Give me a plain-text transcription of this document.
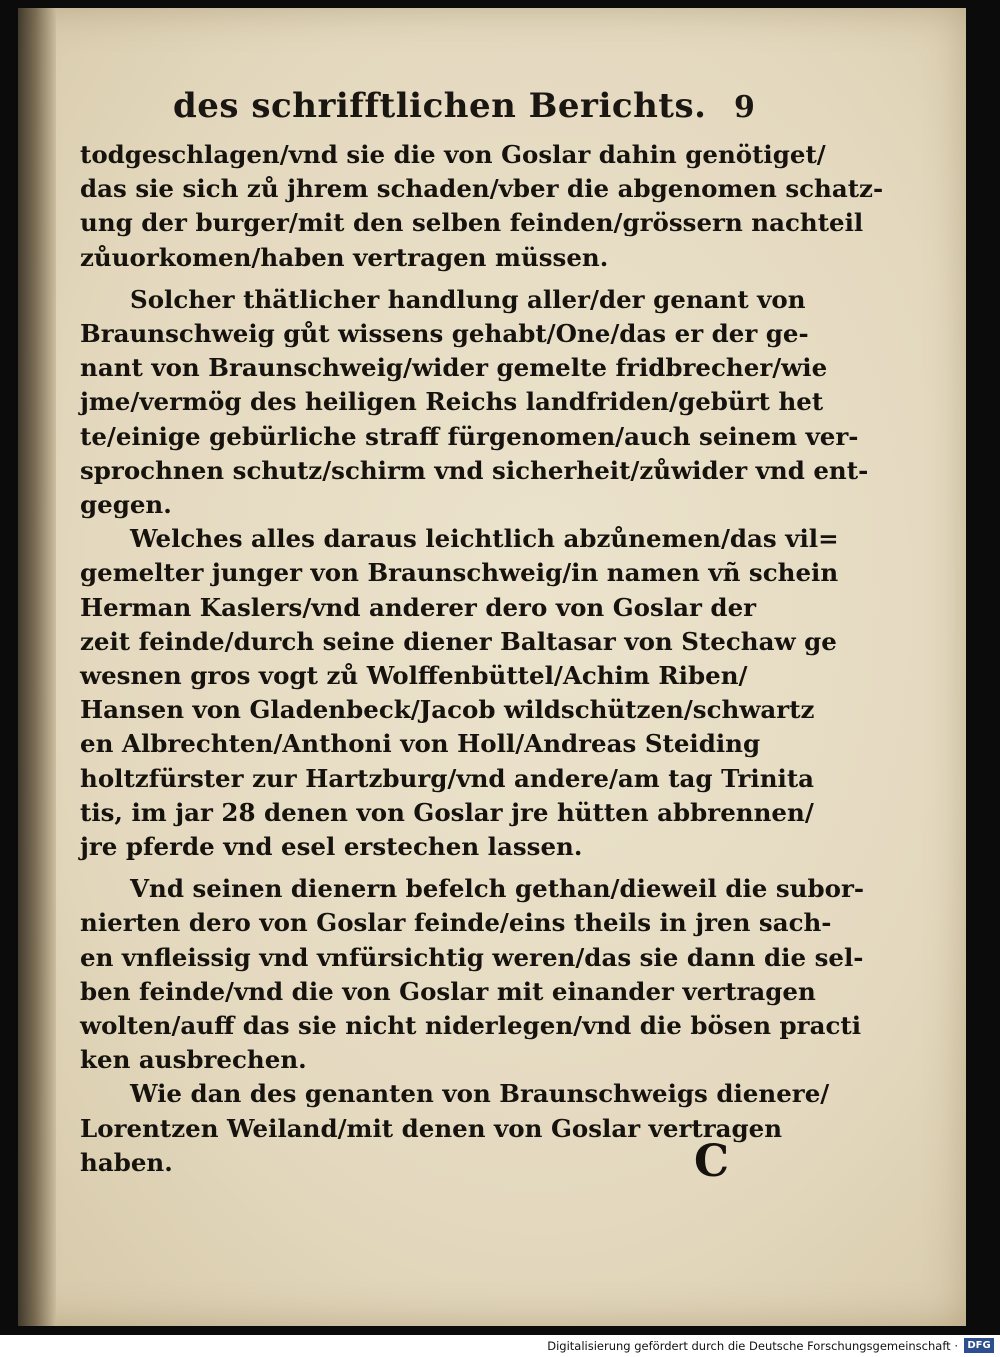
des schrifftlichen Berichts. 9
todgeschlagen/vnd sie die von Goslar dahin genötiget/
das sie sich zů jhrem schaden/vber die abgenomen schatz‑
ung der burger/mit den selben feinden/grössern nachteil
zůuorkomen/haben vertragen müssen.
Solcher thätlicher handlung aller/der genant von
Braunschweig gůt wissens gehabt/One/das er der ge‑
nant von Braunschweig/wider gemelte fridbrecher/wie
jme/vermög des heiligen Reichs landfriden/gebürt het
te/einige gebürliche straff fürgenomen/auch seinem ver‑
sprochnen schutz/schirm vnd sicherheit/zůwider vnd ent‑
gegen.
Welches alles daraus leichtlich abzůnemen/das vil=
gemelter junger von Braunschweig/in namen vñ schein
Herman Kaslers/vnd anderer dero von Goslar der
zeit feinde/durch seine diener Baltasar von Stechaw ge
wesnen gros vogt zů Wolffenbüttel/Achim Riben/
Hansen von Gladenbeck/Jacob wildschützen/schwartz
en Albrechten/Anthoni von Holl/Andreas Steiding
holtzfürster zur Hartzburg/vnd andere/am tag Trinita
tis, im jar 28 denen von Goslar jre hütten abbrennen/
jre pferde vnd esel erstechen lassen.
Vnd seinen dienern befelch gethan/dieweil die subor‑
nierten dero von Goslar feinde/eins theils in jren sach‑
en vnfleissig vnd vnfürsichtig weren/das sie dann die sel‑
ben feinde/vnd die von Goslar mit einander vertragen
wolten/auff das sie nicht niderlegen/vnd die bösen practi
ken ausbrechen.
Wie dan des genanten von Braunschweigs dienere/
Lorentzen Weiland/mit denen von Goslar vertragen
haben.	C
Digitalisierung gefördert durch die Deutsche Forschungsgemeinschaft · DFG
